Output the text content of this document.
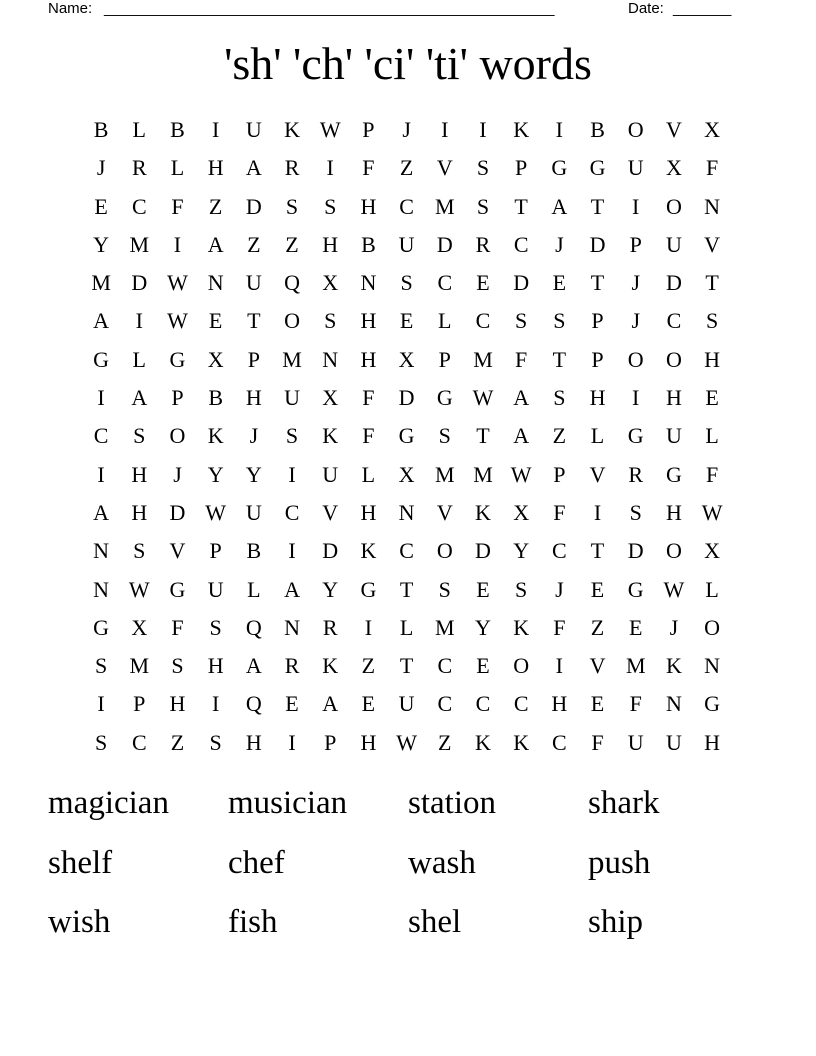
Name: ______________________________________________________	Date: _______
'sh' 'ch' 'ci' 'ti' words
B	L	B	I	U	K W P	J	I	I	K	I	B	O	V	X
J	R	L	H	A	R	I	F	Z	V	S	P	G	G	U	X	F
E	C	F	Z	D	S	S	H	C M	S	T	A	T	I	O	N
Y M	I	A	Z	Z	H	B	U	D	R	C	J	D	P	U	V
M D W N	U	Q	X	N	S	C	E	D	E	T	J	D	T
A	I	W E	T	O	S	H	E	L	C	S	S	P	J	C	S
G	L	G	X	P	M N	H	X	P	M	F	T	P	O	O	H
I	A	P	B	H	U	X	F	D	G W A	S	H	I	H	E
C	S	O	K	J	S	K	F	G	S	T	A	Z	L	G	U	L
I	H	J	Y	Y	I	U	L	X M M W P	V	R	G	F
A	H	D W U	C	V	H	N	V	K	X	F	I	S	H W
N	S	V	P	B	I	D	K	C	O	D	Y	C	T	D	O	X
N W G	U	L	A	Y	G	T	S	E	S	J	E	G W L
G	X	F	S	Q	N	R	I	L M Y	K	F	Z	E	J	O
S	M	S	H	A	R	K	Z	T	C	E	O	I	V M K	N
I	P	H	I	Q	E	A	E	U	C	C	C	H	E	F	N	G
S	C	Z	S	H	I	P	H W Z	K	K	C	F	U	U	H
magician	musician	station	shark
shelf	chef	wash	push
wish	fish	shel	ship
